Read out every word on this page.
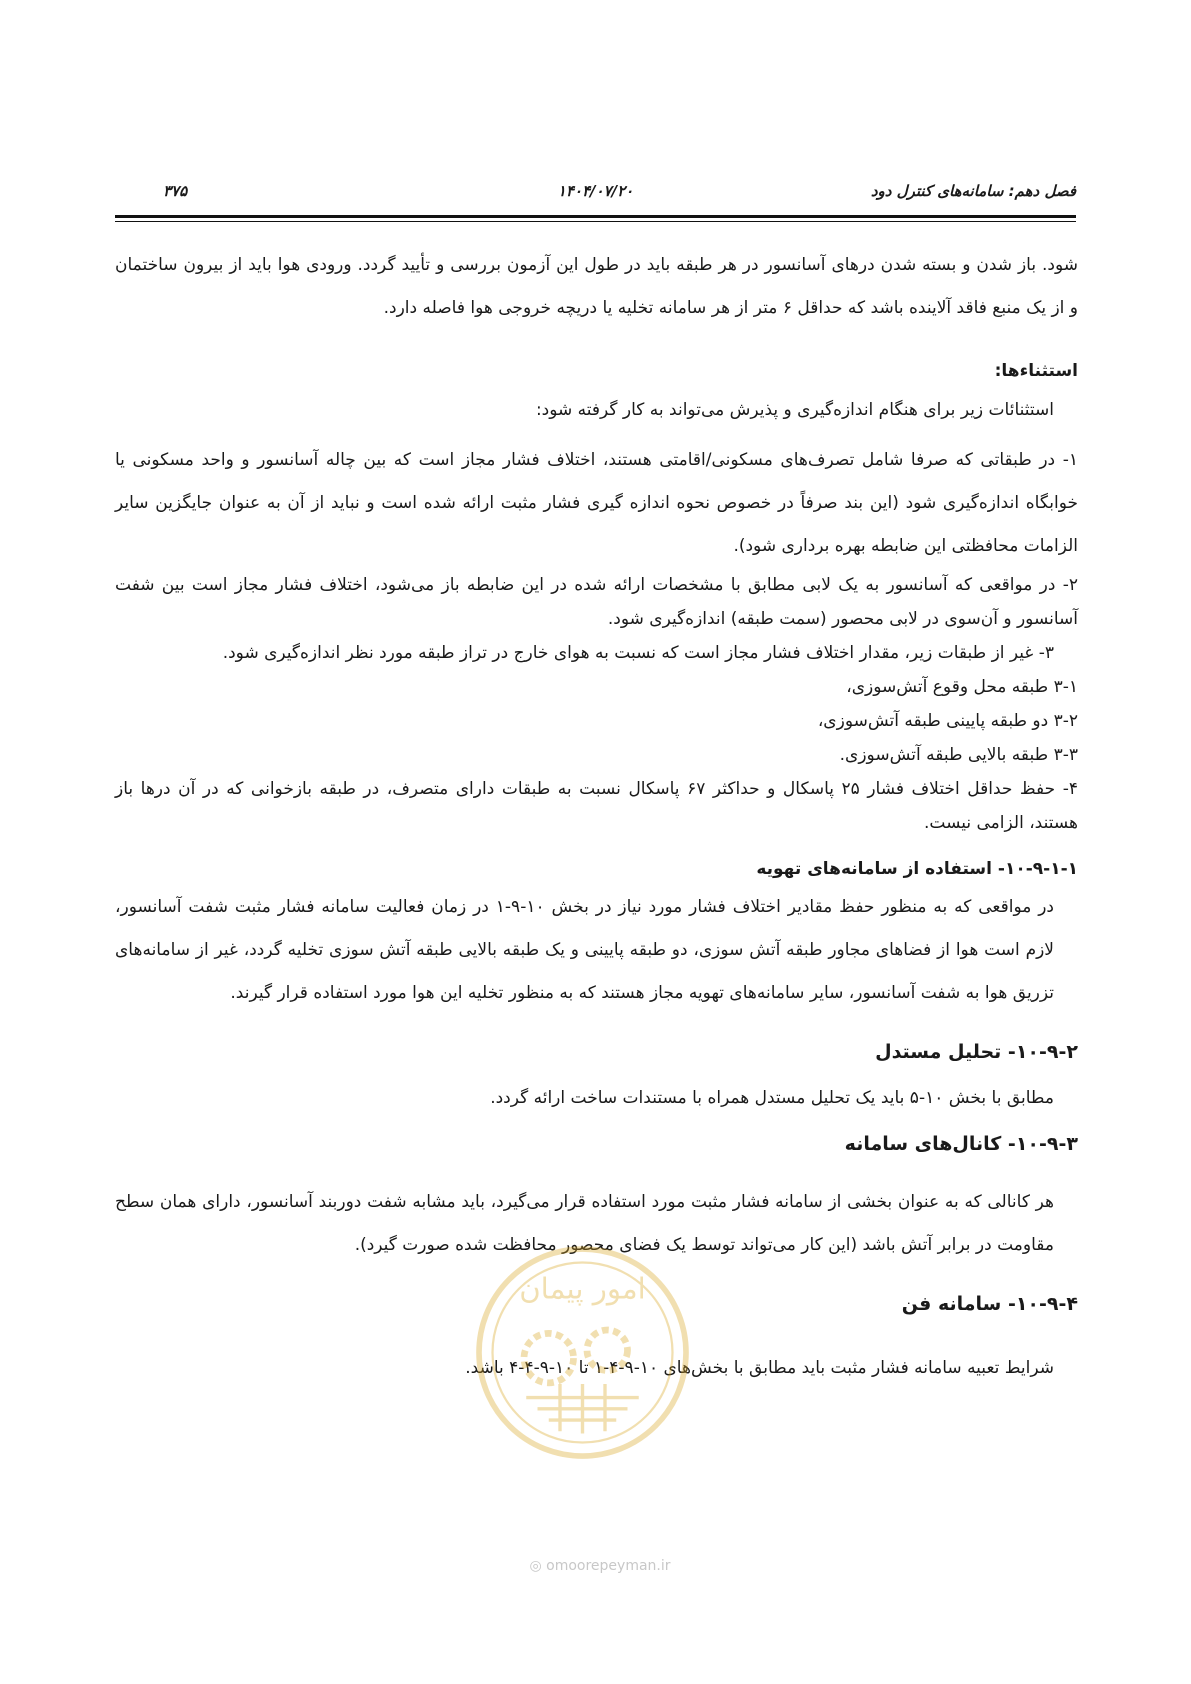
فصل دهم: سامانه‌های کنترل دود
۱۴۰۴/۰۷/۲۰
۳۷۵

شود. باز شدن و بسته شدن درهای آسانسور در هر طبقه باید در طول این آزمون بررسی و تأیید گردد. ورودی هوا باید از بیرون ساختمان و از یک منبع فاقد آلاینده باشد که حداقل ۶ متر از هر سامانه تخلیه یا دریچه خروجی هوا فاصله دارد.

استثناءها:

استثنائات زیر برای هنگام اندازه‌گیری و پذیرش می‌تواند به کار گرفته شود:

۱- در طبقاتی که صرفا شامل تصرف‌های مسکونی/اقامتی هستند، اختلاف فشار مجاز است که بین چاله آسانسور و واحد مسکونی یا خوابگاه اندازه‌گیری شود (این بند صرفاً در خصوص نحوه اندازه گیری فشار مثبت ارائه شده است و نباید از آن به عنوان جایگزین سایر الزامات محافظتی این ضابطه بهره برداری شود).

۲- در مواقعی که آسانسور به یک لابی مطابق با مشخصات ارائه شده در این ضابطه باز می‌شود، اختلاف فشار مجاز است بین شفت آسانسور و آن‌سوی در لابی محصور (سمت طبقه) اندازه‌گیری شود.

۳- غیر از طبقات زیر، مقدار اختلاف فشار مجاز است که نسبت به هوای خارج در تراز طبقه مورد نظر اندازه‌گیری شود.

۳-۱ طبقه محل وقوع آتش‌سوزی،

۳-۲ دو طبقه پایینی طبقه آتش‌سوزی،

۳-۳ طبقه بالایی طبقه آتش‌سوزی.

۴- حفظ حداقل اختلاف فشار ۲۵ پاسکال و حداکثر ۶۷ پاسکال نسبت به طبقات دارای متصرف، در طبقه بازخوانی که در آن درها باز هستند، الزامی نیست.

۱۰-۹-۱-۱- استفاده از سامانه‌های تهویه

در مواقعی که به منظور حفظ مقادیر اختلاف فشار مورد نیاز در بخش ۱۰-۹-۱ در زمان فعالیت سامانه فشار مثبت شفت آسانسور، لازم است هوا از فضاهای مجاور طبقه آتش سوزی، دو طبقه پایینی و یک طبقه بالایی طبقه آتش سوزی تخلیه گردد، غیر از سامانه‌های تزریق هوا به شفت آسانسور، سایر سامانه‌های تهویه مجاز هستند که به منظور تخلیه این هوا مورد استفاده قرار گیرند.

۱۰-۹-۲- تحلیل مستدل

مطابق با بخش ۱۰-۵ باید یک تحلیل مستدل همراه با مستندات ساخت ارائه گردد.

۱۰-۹-۳- کانال‌های سامانه

هر کانالی که به عنوان بخشی از سامانه فشار مثبت مورد استفاده قرار می‌گیرد، باید مشابه شفت دوربند آسانسور، دارای همان سطح مقاومت در برابر آتش باشد (این کار می‌تواند توسط یک فضای محصور محافظت شده صورت گیرد).

۱۰-۹-۴- سامانه فن

شرایط تعبیه سامانه فشار مثبت باید مطابق با بخش‌های ۱۰-۹-۴-۱ تا ۱۰-۹-۴-۴ باشد.

امور پیمان
◎ omoorepeyman.ir
